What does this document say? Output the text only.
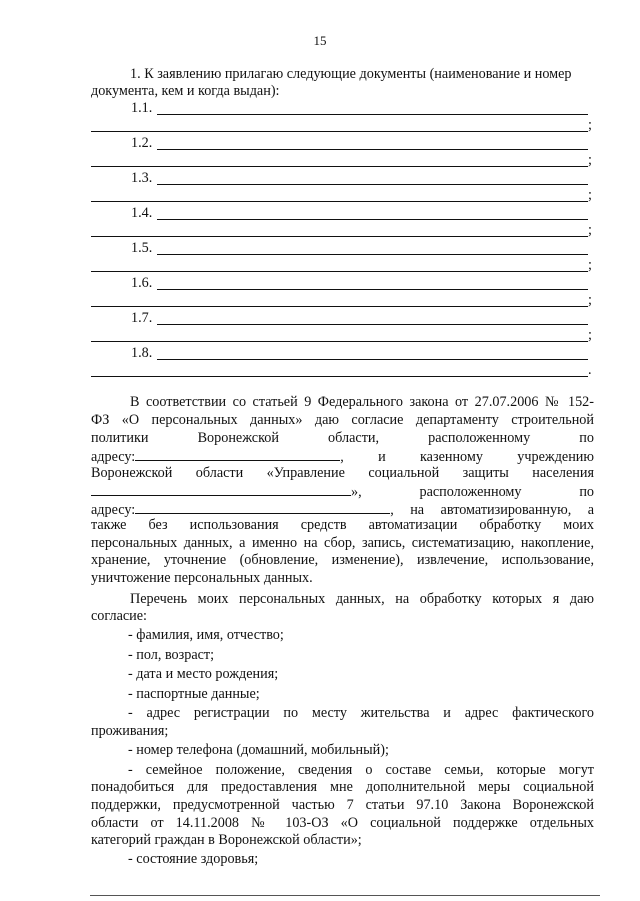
15
1. К заявлению прилагаю следующие документы (наименование и номер
документа, кем и когда выдан):
1.1.
;
1.2.
;
1.3.
;
1.4.
;
1.5.
;
1.6.
;
1.7.
;
1.8.
.
В соответствии со статьей 9 Федерального закона от 27.07.2006 № 152-
ФЗ «О персональных данных» даю согласие департаменту строительной
политики Воронежской области, расположенному по
адресу:	, и казенному учреждению
Воронежской области «Управление социальной защиты населения
»,	расположенному по
адресу:	, на автоматизированную, а
также без использования средств автоматизации обработку моих
персональных данных, а именно на сбор, запись, систематизацию, накопление,
хранение, уточнение (обновление, изменение), извлечение, использование,
уничтожение персональных данных.
Перечень моих персональных данных, на обработку которых я даю
согласие:
- фамилия, имя, отчество;
- пол, возраст;
- дата и место рождения;
- паспортные данные;
- адрес регистрации по месту жительства и адрес фактического
проживания;
- номер телефона (домашний, мобильный);
- семейное положение, сведения о составе семьи, которые могут
понадобиться для предоставления мне дополнительной меры социальной
поддержки, предусмотренной частью 7 статьи 97.10 Закона Воронежской
области от 14.11.2008 № 103-ОЗ «О социальной поддержке отдельных
категорий граждан в Воронежской области»;
- состояние здоровья;
